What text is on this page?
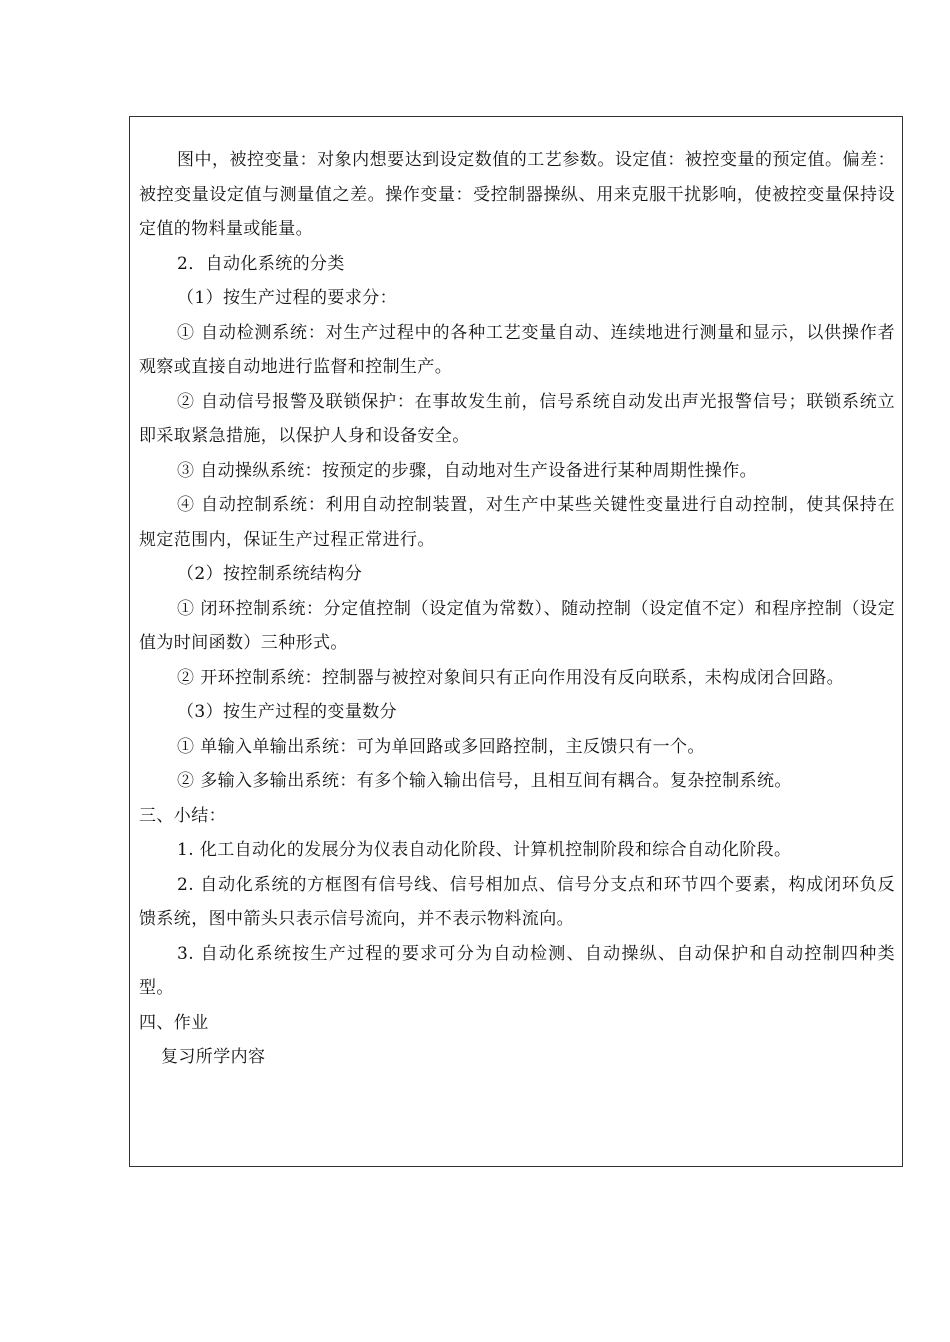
图中，被控变量：对象内想要达到设定数值的工艺参数。设定值：被控变量的预定值。偏差：被控变量设定值与测量值之差。操作变量：受控制器操纵、用来克服干扰影响，使被控变量保持设定值的物料量或能量。

2．自动化系统的分类

（1）按生产过程的要求分：

① 自动检测系统：对生产过程中的各种工艺变量自动、连续地进行测量和显示，以供操作者观察或直接自动地进行监督和控制生产。

② 自动信号报警及联锁保护：在事故发生前，信号系统自动发出声光报警信号；联锁系统立即采取紧急措施，以保护人身和设备安全。

③ 自动操纵系统：按预定的步骤，自动地对生产设备进行某种周期性操作。

④ 自动控制系统：利用自动控制装置，对生产中某些关键性变量进行自动控制，使其保持在规定范围内，保证生产过程正常进行。

（2）按控制系统结构分

① 闭环控制系统：分定值控制（设定值为常数）、随动控制（设定值不定）和程序控制（设定值为时间函数）三种形式。

② 开环控制系统：控制器与被控对象间只有正向作用没有反向联系，未构成闭合回路。

（3）按生产过程的变量数分

① 单输入单输出系统：可为单回路或多回路控制，主反馈只有一个。

② 多输入多输出系统：有多个输入输出信号，且相互间有耦合。复杂控制系统。

三、小结：

1. 化工自动化的发展分为仪表自动化阶段、计算机控制阶段和综合自动化阶段。

2. 自动化系统的方框图有信号线、信号相加点、信号分支点和环节四个要素，构成闭环负反馈系统，图中箭头只表示信号流向，并不表示物料流向。

3. 自动化系统按生产过程的要求可分为自动检测、自动操纵、自动保护和自动控制四种类型。

四、作业

复习所学内容
